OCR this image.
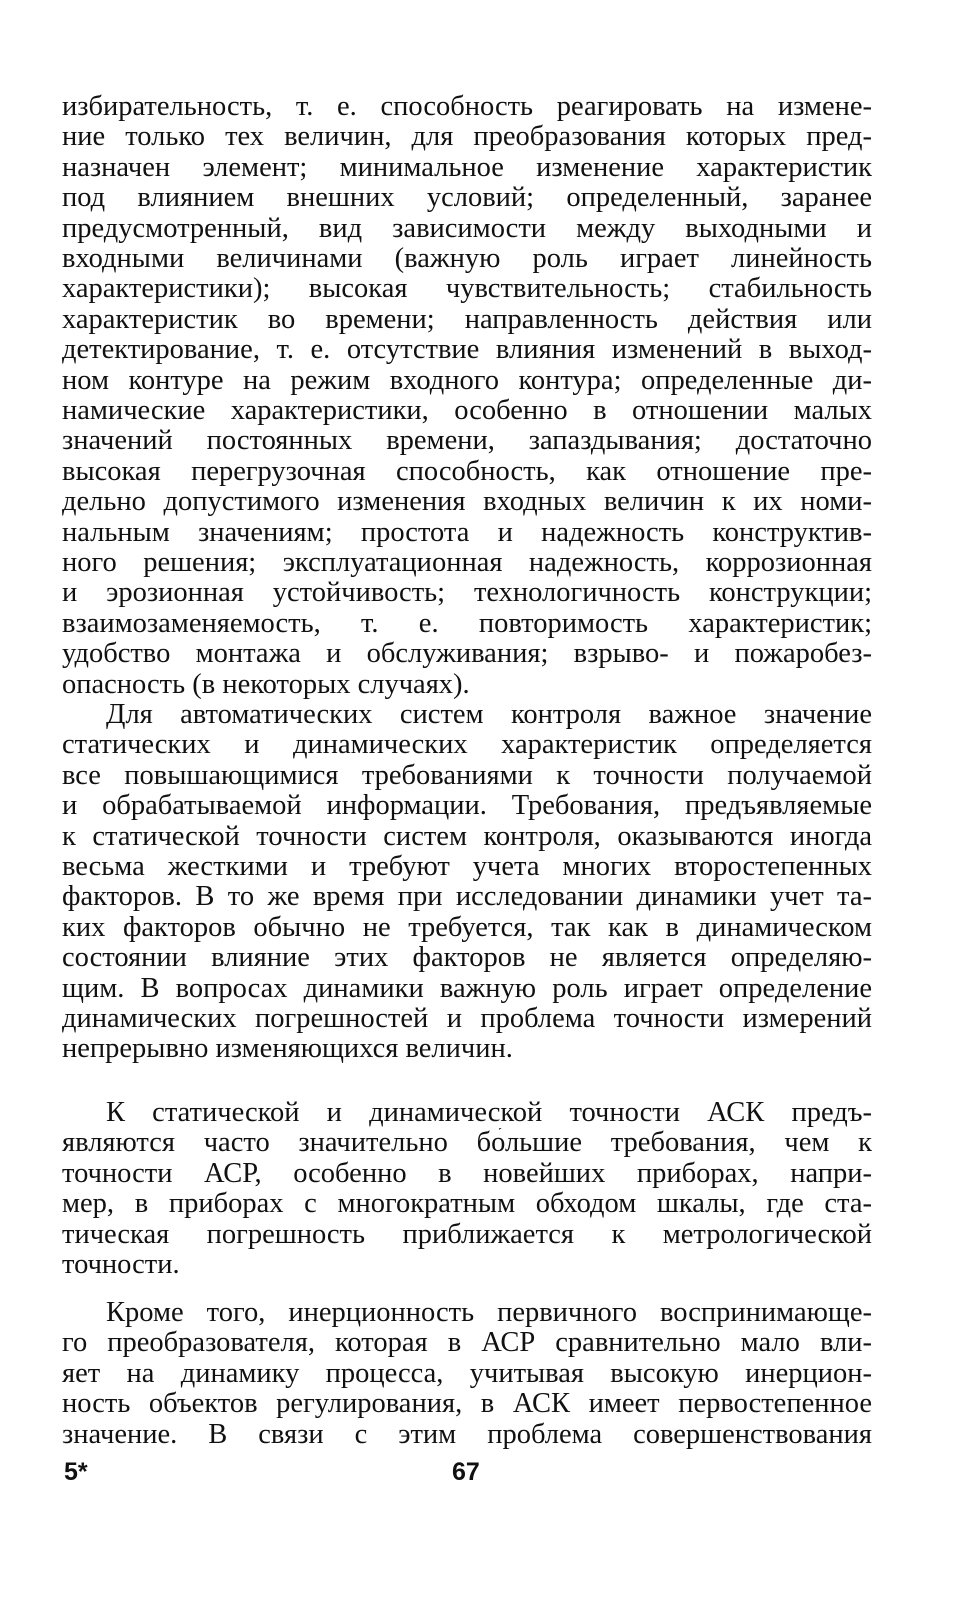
избирательность, т. е. способность реагировать на измене-
ние только тех величин, для преобразования которых пред-
назначен элемент; минимальное изменение характеристик
под влиянием внешних условий; определенный, заранее
предусмотренный, вид зависимости между выходными и
входными величинами (важную роль играет линейность
характеристики); высокая чувствительность; стабильность
характеристик во времени; направленность действия или
детектирование, т. е. отсутствие влияния изменений в выход-
ном контуре на режим входного контура; определенные ди-
намические характеристики, особенно в отношении малых
значений постоянных времени, запаздывания; достаточно
высокая перегрузочная способность, как отношение пре-
дельно допустимого изменения входных величин к их номи-
нальным значениям; простота и надежность конструктив-
ного решения; эксплуатационная надежность, коррозионная
и эрозионная устойчивость; технологичность конструкции;
взаимозаменяемость, т. е. повторимость характеристик;
удобство монтажа и обслуживания; взрыво- и пожаробез-
опасность (в некоторых случаях).
Для автоматических систем контроля важное значение
статических и динамических характеристик определяется
все повышающимися требованиями к точности получаемой
и обрабатываемой информации. Требования, предъявляемые
к статической точности систем контроля, оказываются иногда
весьма жесткими и требуют учета многих второстепенных
факторов. В то же время при исследовании динамики учет та-
ких факторов обычно не требуется, так как в динамическом
состоянии влияние этих факторов не является определяю-
щим. В вопросах динамики важную роль играет определение
динамических погрешностей и проблема точности измерений
непрерывно изменяющихся величин.
К статической и динамической точности АСК предъ-
являются часто значительно бо́льшие требования, чем к
точности АСР, особенно в новейших приборах, напри-
мер, в приборах с многократным обходом шкалы, где ста-
тическая погрешность приближается к метрологической
точности.
Кроме того, инерционность первичного воспринимающе-
го преобразователя, которая в АСР сравнительно мало вли-
яет на динамику процесса, учитывая высокую инерцион-
ность объектов регулирования, в АСК имеет первостепенное
значение. В связи с этим проблема совершенствования
5*	67
